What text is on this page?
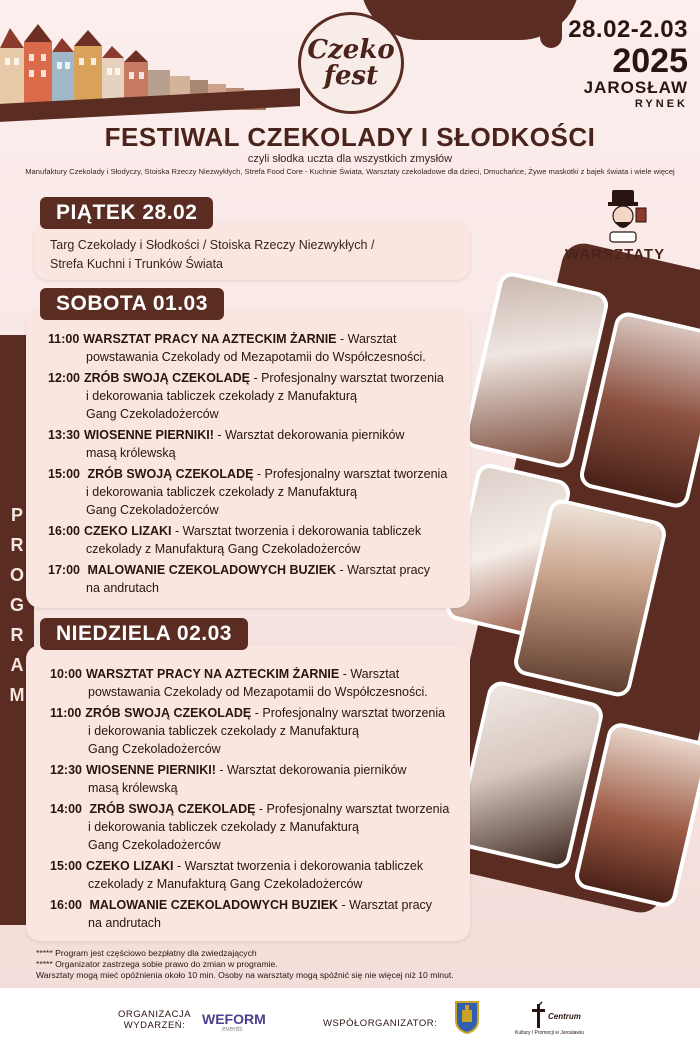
Czeko
fest
28.02-2.03
2025
JAROSŁAW
RYNEK
FESTIWAL CZEKOLADY I SŁODKOŚCI
czyli słodka uczta dla wszystkich zmysłów
Manufaktury Czekolady i Słodyczy, Stoiska Rzeczy Niezwykłych, Strefa Food Core - Kuchnie Świata, Warsztaty czekoladowe dla dzieci, Dmuchańce, Żywe maskotki z bajek świata i wiele więcej
P
R
O
G
R
A
M
WARSZTATY
Targ Czekolady i Słodkości / Stoiska Rzeczy Niezwykłych /
Strefa Kuchni i Trunków Świata
PIĄTEK 28.02
11:00 WARSZTAT PRACY NA AZTECKIM ŻARNIE - Warsztat
powstawania Czekolady od Mezapotamii do Współczesności.
12:00 ZRÓB SWOJĄ CZEKOLADĘ - Profesjonalny warsztat tworzenia
i dekorowania tabliczek czekolady z Manufakturą
Gang Czekoladożerców
13:30 WIOSENNE PIERNIKI! - Warsztat dekorowania pierników
masą królewską
15:00 ZRÓB SWOJĄ CZEKOLADĘ - Profesjonalny warsztat tworzenia
i dekorowania tabliczek czekolady z Manufakturą
Gang Czekoladożerców
16:00 CZEKO LIZAKI - Warsztat tworzenia i dekorowania tabliczek
czekolady z Manufakturą Gang Czekoladożerców
17:00 MALOWANIE CZEKOLADOWYCH BUZIEK - Warsztat pracy
na andrutach
SOBOTA 01.03
10:00 WARSZTAT PRACY NA AZTECKIM ŻARNIE - Warsztat
powstawania Czekolady od Mezapotamii do Współczesności.
11:00 ZRÓB SWOJĄ CZEKOLADĘ - Profesjonalny warsztat tworzenia
i dekorowania tabliczek czekolady z Manufakturą
Gang Czekoladożerców
12:30 WIOSENNE PIERNIKI! - Warsztat dekorowania pierników
masą królewską
14:00 ZRÓB SWOJĄ CZEKOLADĘ - Profesjonalny warsztat tworzenia
i dekorowania tabliczek czekolady z Manufakturą
Gang Czekoladożerców
15:00 CZEKO LIZAKI - Warsztat tworzenia i dekorowania tabliczek
czekolady z Manufakturą Gang Czekoladożerców
16:00 MALOWANIE CZEKOLADOWYCH BUZIEK - Warsztat pracy
na andrutach
NIEDZIELA 02.03
***** Program jest częściowo bezpłatny dla zwiedzających
***** Organizator zastrzega sobie prawo do zmian w programie.
Warsztaty mogą mieć opóźnienia około 10 min. Osoby na warsztaty mogą spóźnić się nie więcej niż 10 minut.
ORGANIZACJA
WYDARZEŃ:	WEFORM
events
WSPÓŁORGANIZATOR:
Centrum
Kultury i Promocji w Jarosławiu
